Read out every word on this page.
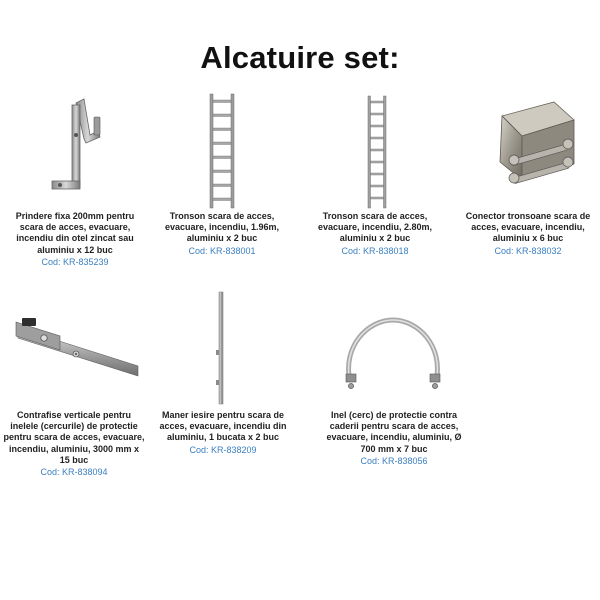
Alcatuire set:
Prindere fixa 200mm pentru scara de acces, evacuare, incendiu din otel zincat sau aluminiu x 12 buc
Cod: KR-835239
Tronson scara de acces, evacuare, incendiu, 1.96m, aluminiu x 2 buc
Cod: KR-838001
Tronson scara de acces, evacuare, incendiu, 2.80m, aluminiu x 2 buc
Cod: KR-838018
Conector tronsoane scara de acces, evacuare, incendiu, aluminiu x 6 buc
Cod: KR-838032
Contrafise verticale pentru inelele (cercurile) de protectie pentru scara de acces, evacuare, incendiu, aluminiu, 3000 mm x 15 buc
Cod: KR-838094
Maner iesire pentru scara de acces, evacuare, incendiu din aluminiu, 1 bucata x 2 buc
Cod: KR-838209
Inel (cerc) de protectie contra caderii pentru scara de acces, evacuare, incendiu, aluminiu, Ø 700 mm x 7 buc
Cod: KR-838056
